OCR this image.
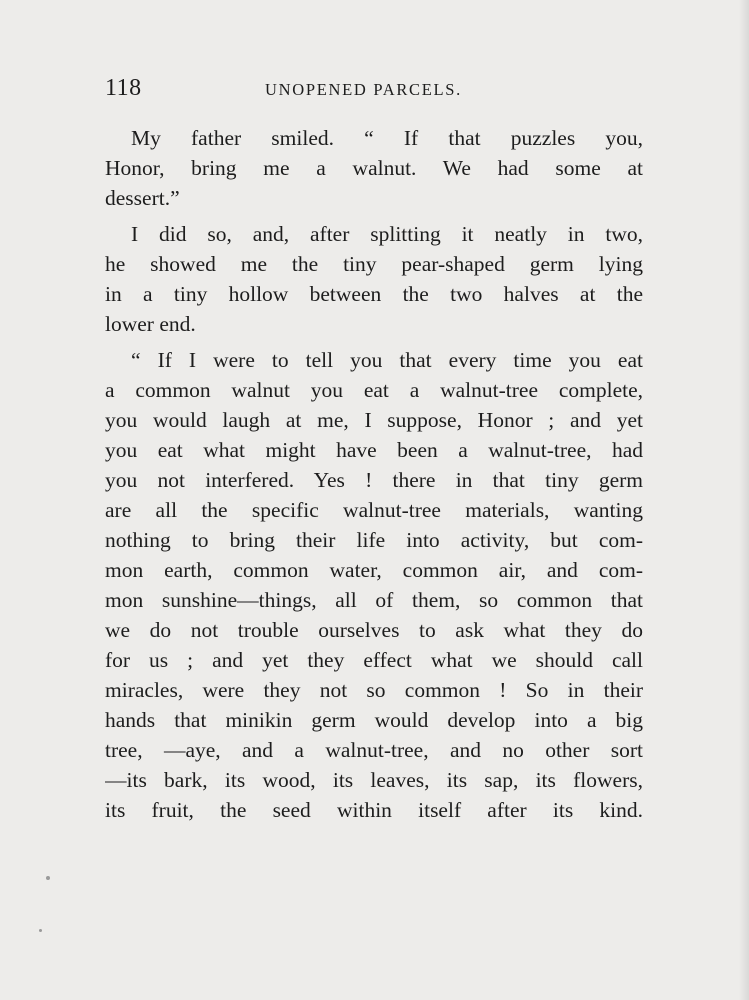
118	UNOPENED PARCELS.
My father smiled. “ If that puzzles you,
Honor, bring me a walnut. We had some at
dessert.”
I did so, and, after splitting it neatly in two,
he showed me the tiny pear-shaped germ lying
in a tiny hollow between the two halves at the
lower end.
“ If I were to tell you that every time you eat
a common walnut you eat a walnut-tree complete,
you would laugh at me, I suppose, Honor ; and yet
you eat what might have been a walnut-tree, had
you not interfered. Yes ! there in that tiny germ
are all the specific walnut-tree materials, wanting
nothing to bring their life into activity, but com-
mon earth, common water, common air, and com-
mon sunshine—things, all of them, so common that
we do not trouble ourselves to ask what they do
for us ; and yet they effect what we should call
miracles, were they not so common ! So in their
hands that minikin germ would develop into a big
tree, —aye, and a walnut-tree, and no other sort
—its bark, its wood, its leaves, its sap, its flowers,
its fruit, the seed within itself after its kind.
